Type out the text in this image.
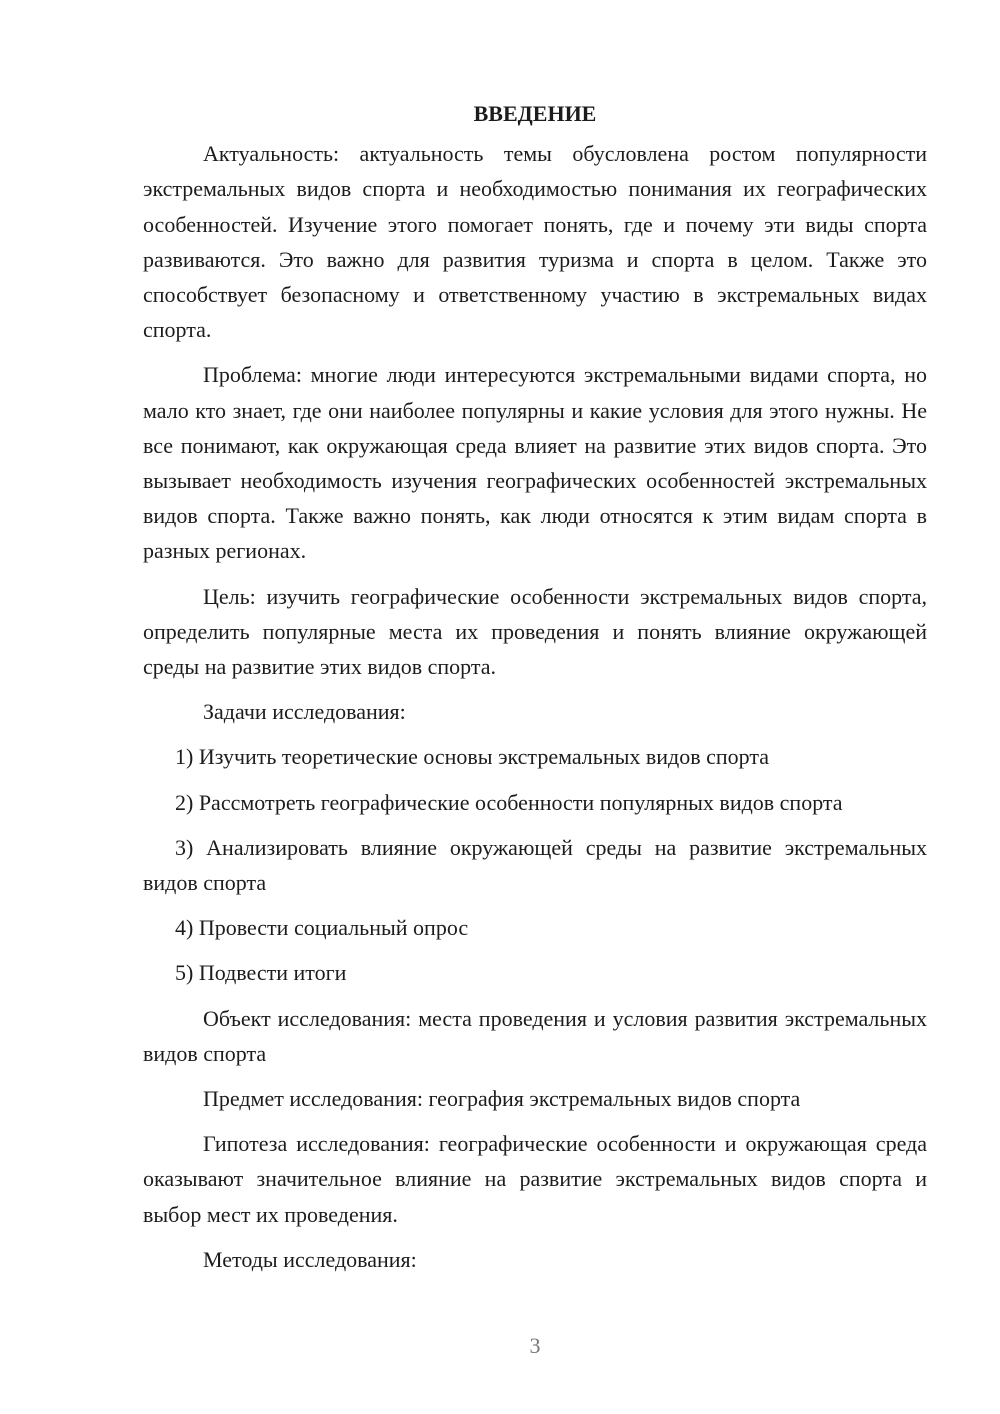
ВВЕДЕНИЕ

Актуальность: актуальность темы обусловлена ростом популярности экстремальных видов спорта и необходимостью понимания их географических особенностей. Изучение этого помогает понять, где и почему эти виды спорта развиваются. Это важно для развития туризма и спорта в целом. Также это способствует безопасному и ответственному участию в экстремальных видах спорта.

Проблема: многие люди интересуются экстремальными видами спорта, но мало кто знает, где они наиболее популярны и какие условия для этого нужны. Не все понимают, как окружающая среда влияет на развитие этих видов спорта. Это вызывает необходимость изучения географических особенностей экстремальных видов спорта. Также важно понять, как люди относятся к этим видам спорта в разных регионах.

Цель: изучить географические особенности экстремальных видов спорта, определить популярные места их проведения и понять влияние окружающей среды на развитие этих видов спорта.

Задачи исследования:

1) Изучить теоретические основы экстремальных видов спорта

2) Рассмотреть географические особенности популярных видов спорта

3) Анализировать влияние окружающей среды на развитие экстремальных видов спорта

4) Провести социальный опрос

5) Подвести итоги

Объект исследования: места проведения и условия развития экстремальных видов спорта

Предмет исследования: география экстремальных видов спорта

Гипотеза исследования: географические особенности и окружающая среда оказывают значительное влияние на развитие экстремальных видов спорта и выбор мест их проведения.

Методы исследования:

3
